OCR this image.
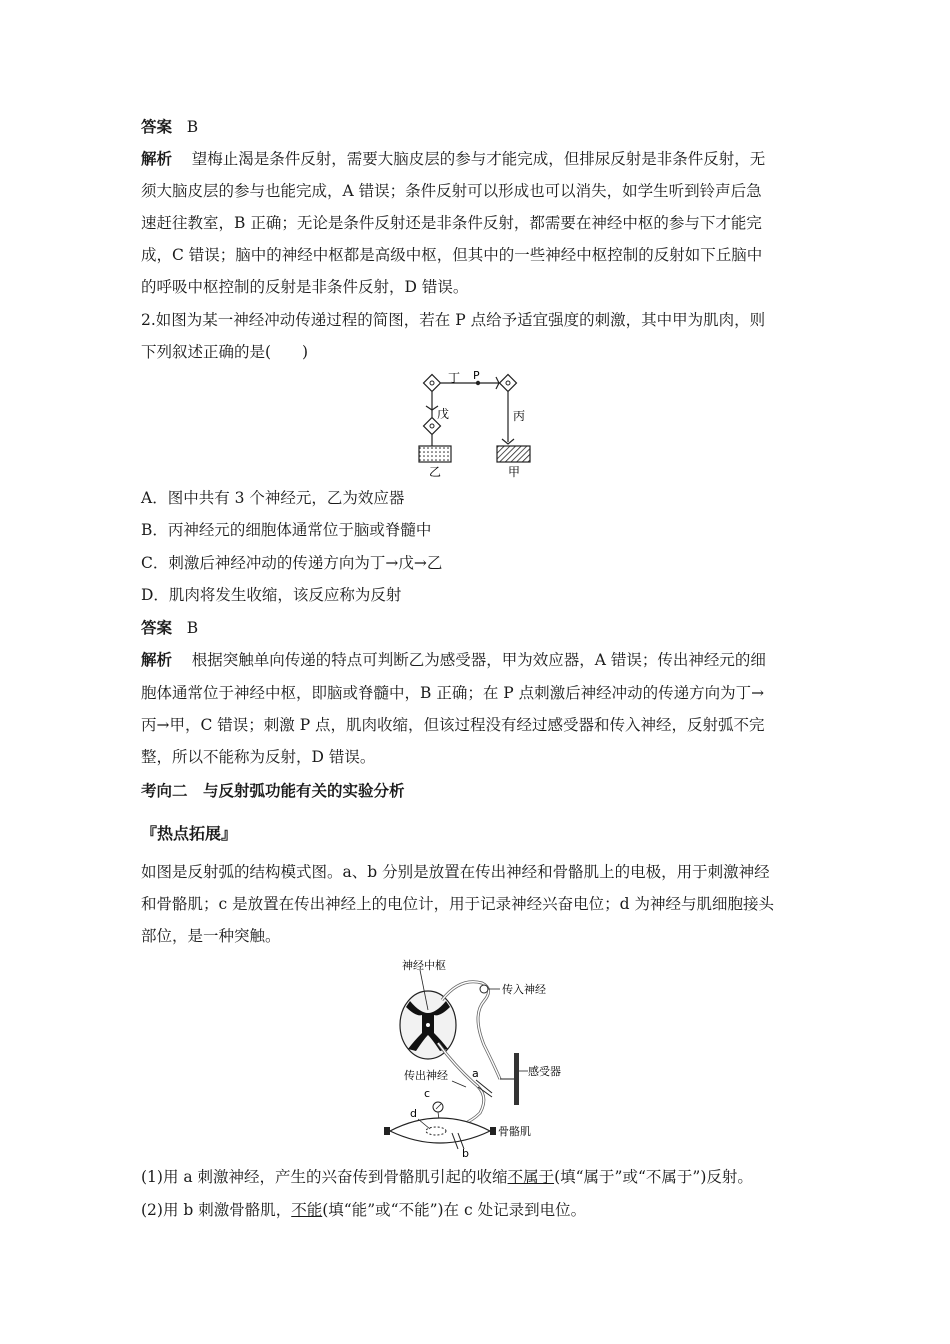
答案 B
解析 望梅止渴是条件反射，需要大脑皮层的参与才能完成，但排尿反射是非条件反射，无
须大脑皮层的参与也能完成，A 错误；条件反射可以形成也可以消失，如学生听到铃声后急
速赶往教室，B 正确；无论是条件反射还是非条件反射，都需要在神经中枢的参与下才能完
成，C 错误；脑中的神经中枢都是高级中枢，但其中的一些神经中枢控制的反射如下丘脑中
的呼吸中枢控制的反射是非条件反射，D 错误。
2.如图为某一神经冲动传递过程的简图，若在 P 点给予适宜强度的刺激，其中甲为肌肉，则
下列叙述正确的是(　　)
丁 P
戊	丙
乙	甲
A．图中共有 3 个神经元，乙为效应器
B．丙神经元的细胞体通常位于脑或脊髓中
C．刺激后神经冲动的传递方向为丁→戊→乙
D．肌肉将发生收缩，该反应称为反射
答案 B
解析 根据突触单向传递的特点可判断乙为感受器，甲为效应器，A 错误；传出神经元的细
胞体通常位于神经中枢，即脑或脊髓中，B 正确；在 P 点刺激后神经冲动的传递方向为丁→
丙→甲，C 错误；刺激 P 点，肌肉收缩，但该过程没有经过感受器和传入神经，反射弧不完
整，所以不能称为反射，D 错误。
考向二　与反射弧功能有关的实验分析
『热点拓展』
如图是反射弧的结构模式图。a、b 分别是放置在传出神经和骨骼肌上的电极，用于刺激神经
和骨骼肌；c 是放置在传出神经上的电位计，用于记录神经兴奋电位；d 为神经与肌细胞接头
部位，是一种突触。
神经中枢
传入神经
a	感受器
传出神经
c
d
骨骼肌
b
(1)用 a 刺激神经，产生的兴奋传到骨骼肌引起的收缩不属于(填“属于”或“不属于”)反射。
(2)用 b 刺激骨骼肌，不能(填“能”或“不能”)在 c 处记录到电位。
